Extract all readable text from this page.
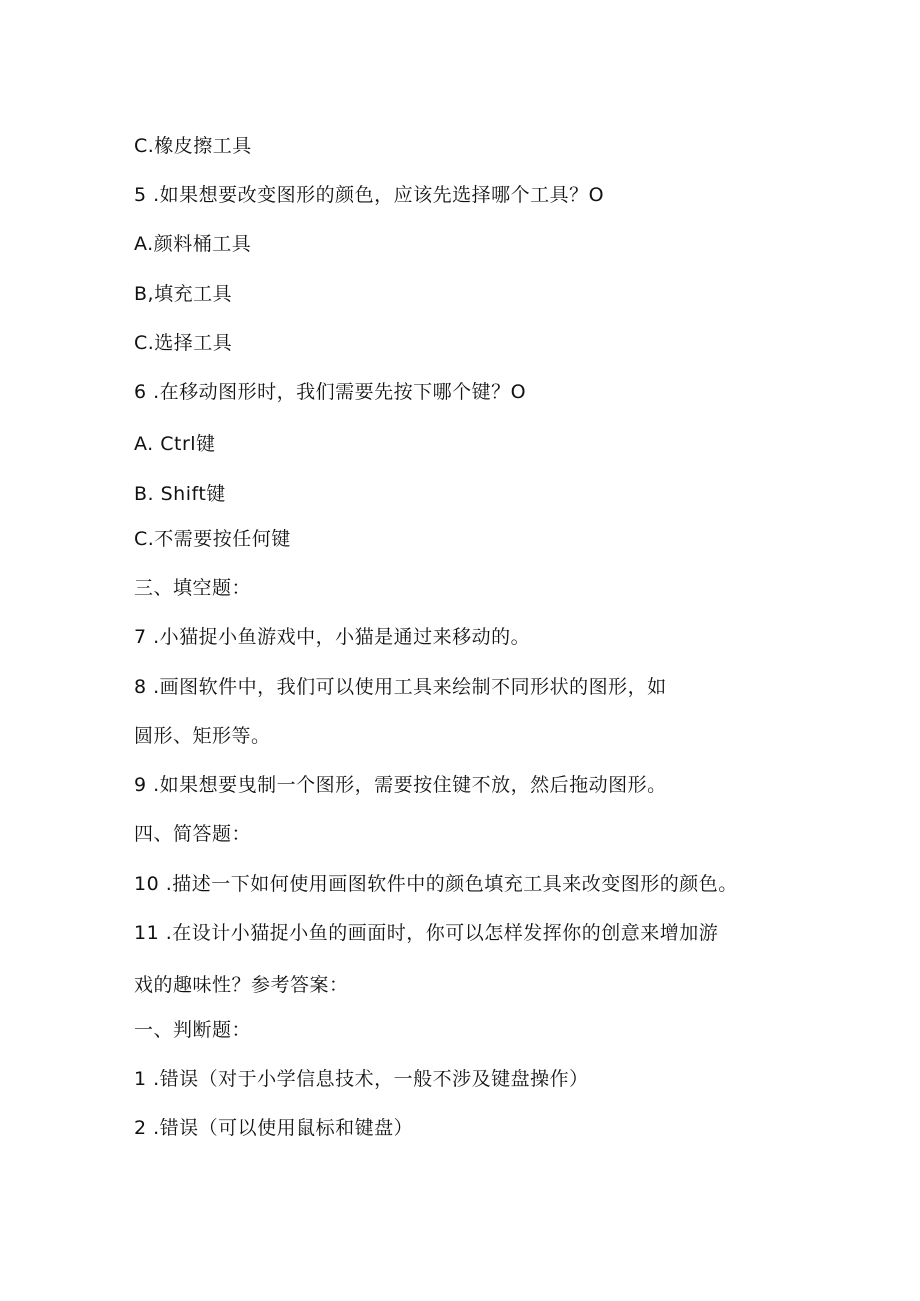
C.橡皮擦工具
5 .如果想要改变图形的颜色，应该先选择哪个工具？O
A.颜料桶工具
B,填充工具
C.选择工具
6 .在移动图形时，我们需要先按下哪个键？O
A. Ctrl键
B. Shift键
C.不需要按任何键
三、填空题：
7 .小猫捉小鱼游戏中，小猫是通过来移动的。
8 .画图软件中，我们可以使用工具来绘制不同形状的图形，如
圆形、矩形等。
9 .如果想要曳制一个图形，需要按住键不放，然后拖动图形。
四、简答题：
10 .描述一下如何使用画图软件中的颜色填充工具来改变图形的颜色。
11 .在设计小猫捉小鱼的画面时，你可以怎样发挥你的创意来增加游
戏的趣味性？参考答案：
一、判断题：
1 .错误（对于小学信息技术，一般不涉及键盘操作）
2 .错误（可以使用鼠标和键盘）
